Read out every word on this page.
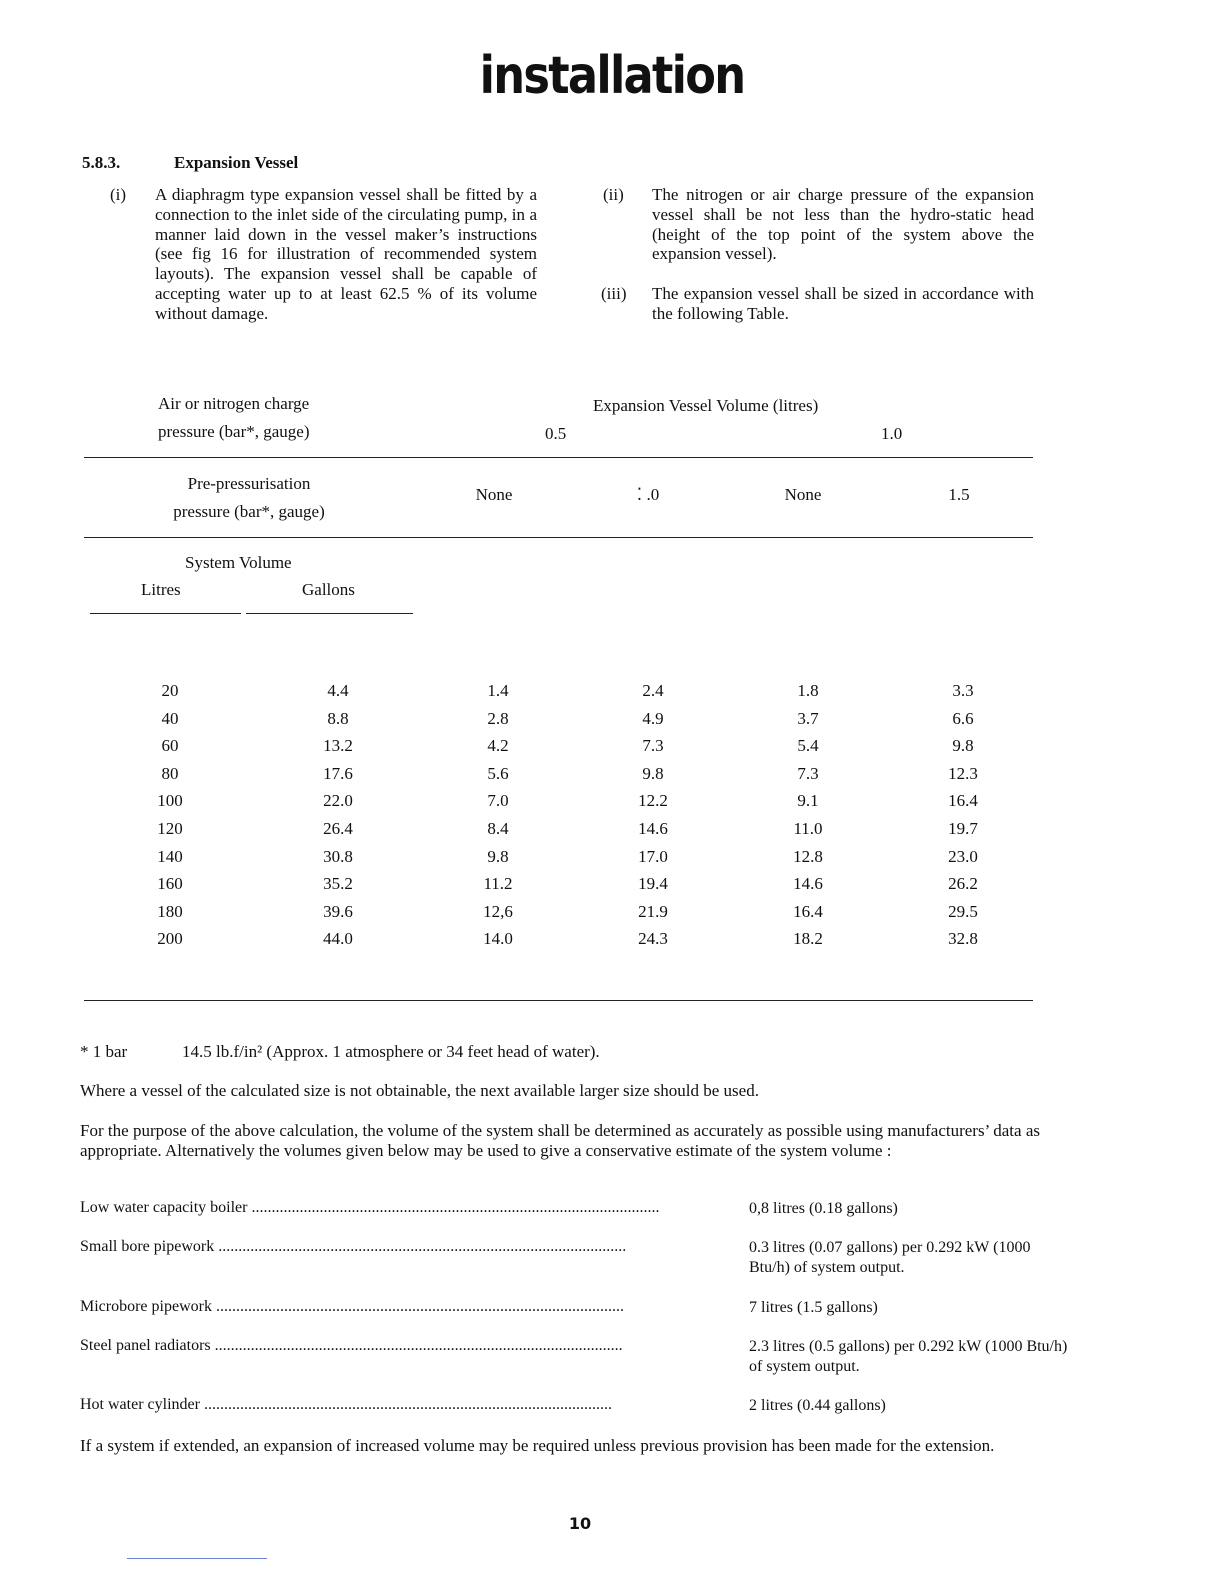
installation
5.8.3.	Expansion Vessel
(i) A diaphragm type expansion vessel shall be fitted by a connection to the inlet side of the circulating pump, in a manner laid down in the vessel maker’s instructions (see fig 16 for illustration of recommended system layouts). The expansion vessel shall be capable of accepting water up to at least 62.5 % of its volume without damage.
(ii) The nitrogen or air charge pressure of the expansion vessel shall be not less than the hydro-static head (height of the top point of the system above the expansion vessel).
(iii) The expansion vessel shall be sized in accordance with the following Table.
Air or nitrogen charge
pressure (bar*, gauge)
Expansion Vessel Volume (litres)
0.5	1.0
Pre-pressurisation
pressure (bar*, gauge)
None	⁚ .0	None	1.5
System Volume
Litres	Gallons
20	4.4	1.4	2.4	1.8	3.3
40	8.8	2.8	4.9	3.7	6.6
60	13.2	4.2	7.3	5.4	9.8
80	17.6	5.6	9.8	7.3	12.3
100	22.0	7.0	12.2	9.1	16.4
120	26.4	8.4	14.6	11.0	19.7
140	30.8	9.8	17.0	12.8	23.0
160	35.2	11.2	19.4	14.6	26.2
180	39.6	12,6	21.9	16.4	29.5
200	44.0	14.0	24.3	18.2	32.8
* 1 bar	14.5 lb.f/in² (Approx. 1 atmosphere or 34 feet head of water).
Where a vessel of the calculated size is not obtainable, the next available larger size should be used.
For the purpose of the above calculation, the volume of the system shall be determined as accurately as possible using manufacturers’ data as appropriate. Alternatively the volumes given below may be used to give a conservative estimate of the system volume :
Low water capacity boiler ......................................................................................................	0,8 litres (0.18 gallons)
Small bore pipework ......................................................................................................	0.3 litres (0.07 gallons) per 0.292 kW (1000 Btu/h) of system output.
Microbore pipework ......................................................................................................	7 litres (1.5 gallons)
Steel panel radiators ......................................................................................................	2.3 litres (0.5 gallons) per 0.292 kW (1000 Btu/h) of system output.
Hot water cylinder ......................................................................................................	2 litres (0.44 gallons)
If a system if extended, an expansion of increased volume may be required unless previous provision has been made for the extension.
10
